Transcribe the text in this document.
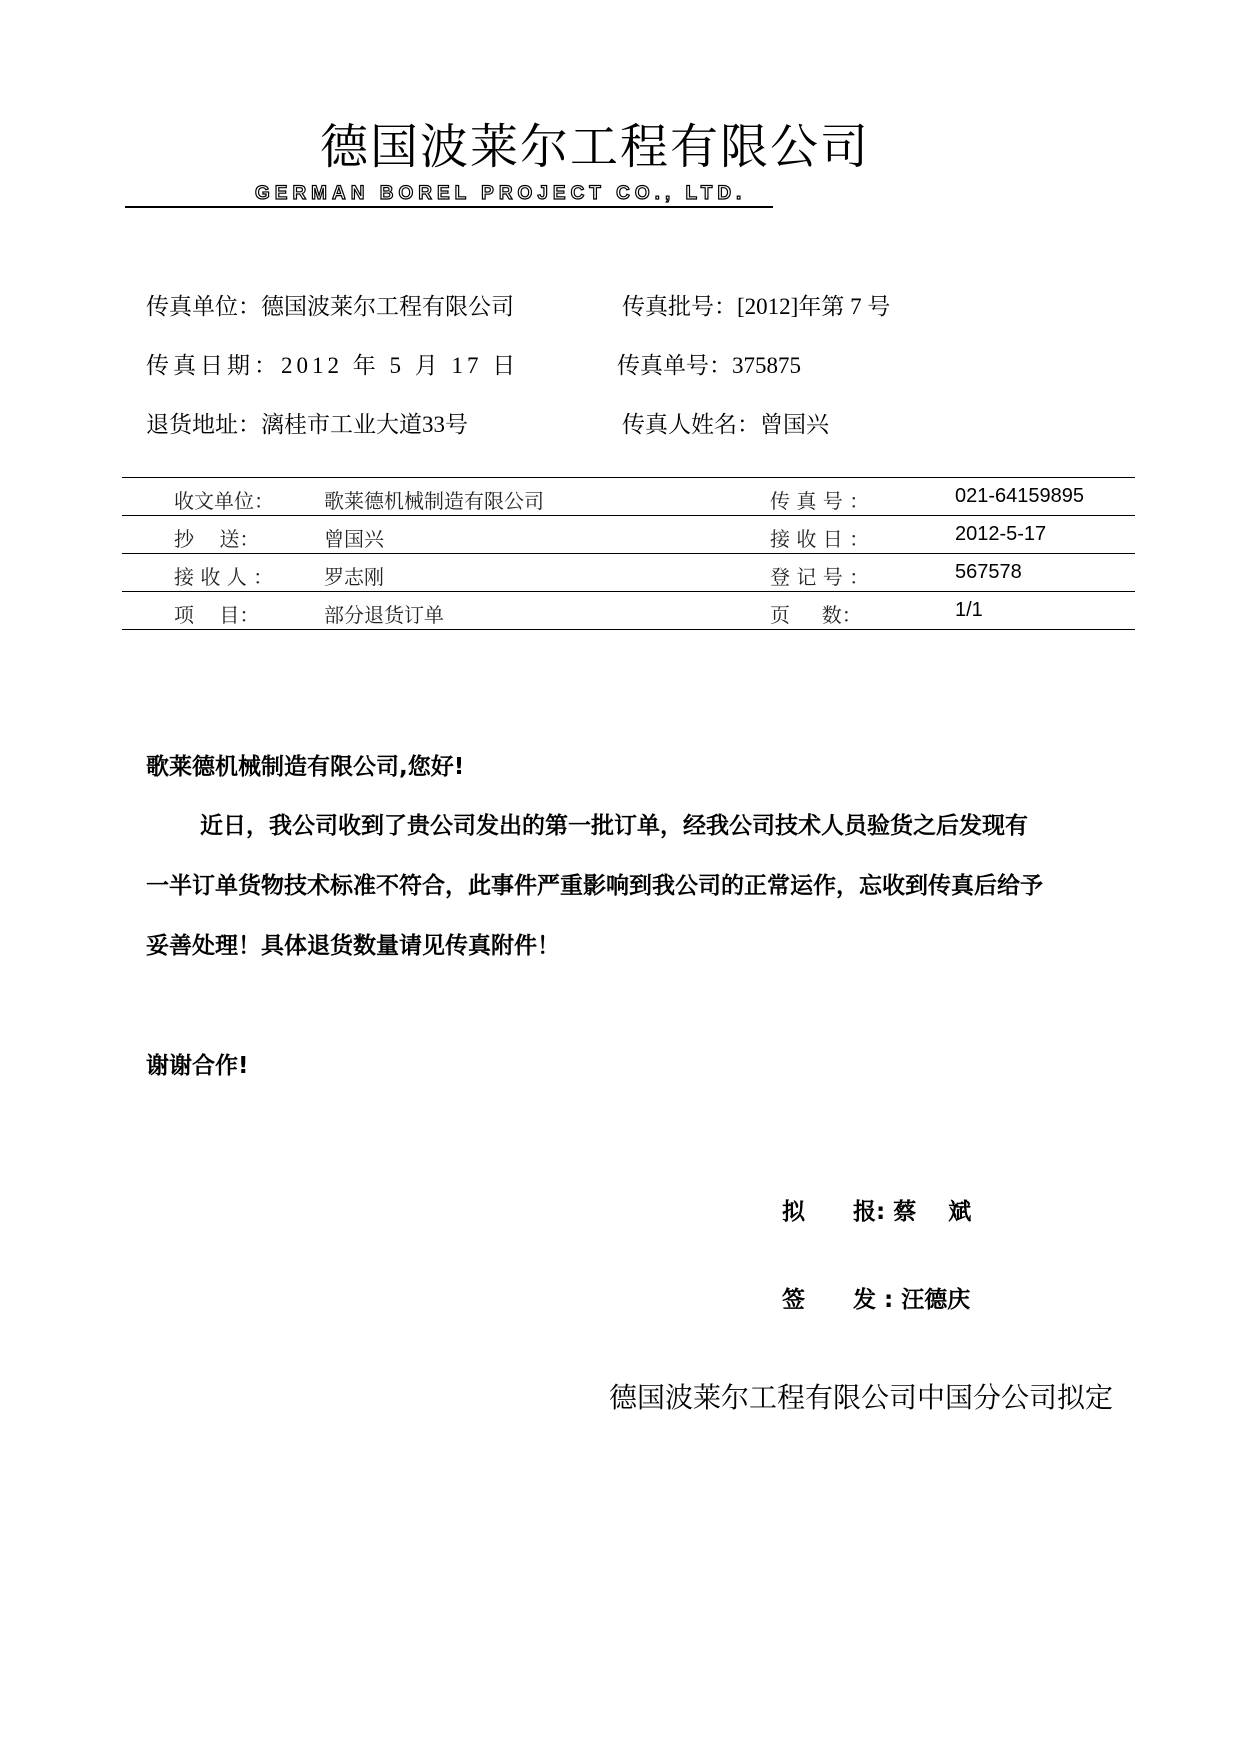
德国波莱尔工程有限公司
GERMAN BOREL PROJECT CO., LTD.
传真单位：德国波莱尔工程有限公司	传真批号：[2012]年第 7 号
传真日期：2012 年 5 月 17 日	传真单号：375875
退货地址：漓桂市工业大道33号	传真人姓名：曾国兴
收文单位：	歌莱德机械制造有限公司	传 真 号 ：	021-64159895
抄    送：	曾国兴	接 收 日 ：	2012-5-17
接 收 人 ：	罗志刚	登 记 号 ：	567578
项    目：	部分退货订单	页     数：	1/1
歌莱德机械制造有限公司,您好!
近日，我公司收到了贵公司发出的第一批订单，经我公司技术人员验货之后发现有
一半订单货物技术标准不符合，此事件严重影响到我公司的正常运作，忘收到传真后给予
妥善处理！具体退货数量请见传真附件！
谢谢合作!
拟      报: 蔡    斌
签      发 : 汪德庆
德国波莱尔工程有限公司中国分公司拟定
